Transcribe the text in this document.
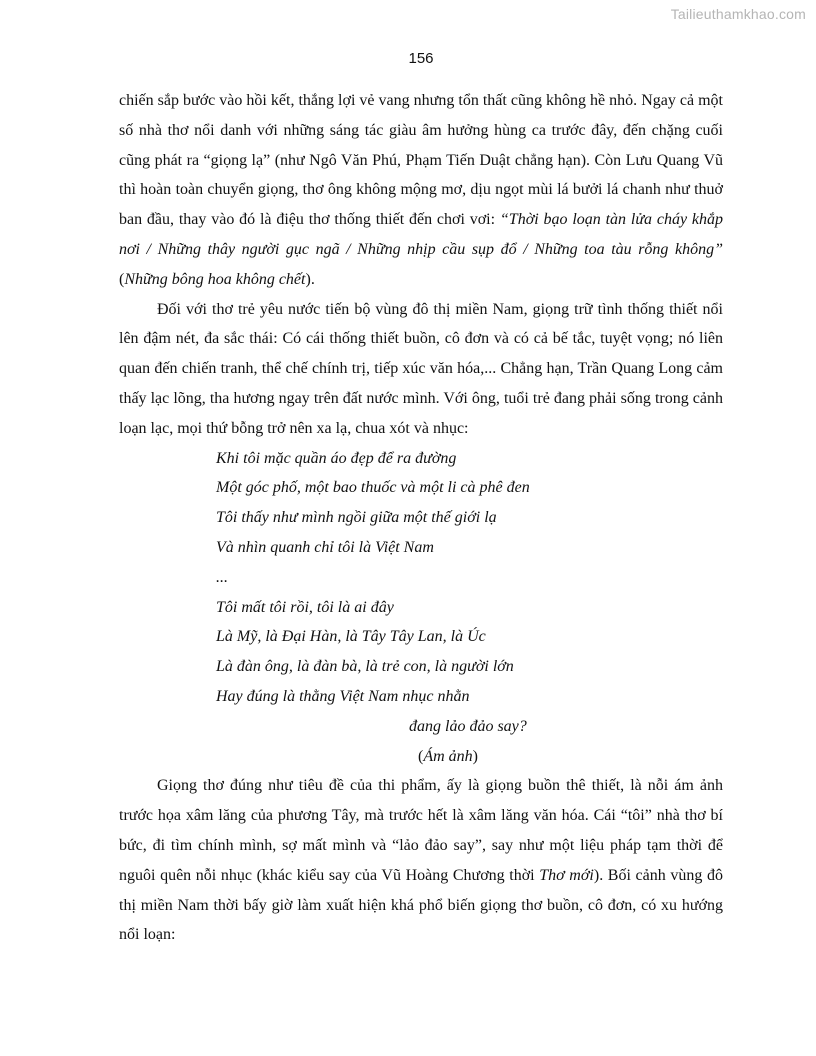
Tailieuthamkhao.com
156

chiến sắp bước vào hồi kết, thắng lợi vẻ vang nhưng tổn thất cũng không hề nhỏ. Ngay cả một số nhà thơ nổi danh với những sáng tác giàu âm hưởng hùng ca trước đây, đến chặng cuối cũng phát ra “giọng lạ” (như Ngô Văn Phú, Phạm Tiến Duật chẳng hạn). Còn Lưu Quang Vũ thì hoàn toàn chuyển giọng, thơ ông không mộng mơ, dịu ngọt mùi lá bưởi lá chanh như thuở ban đầu, thay vào đó là điệu thơ thống thiết đến chơi vơi: “Thời bạo loạn tàn lửa cháy khắp nơi / Những thây người gục ngã / Những nhịp cầu sụp đổ / Những toa tàu rỗng không” (Những bông hoa không chết).

Đối với thơ trẻ yêu nước tiến bộ vùng đô thị miền Nam, giọng trữ tình thống thiết nổi lên đậm nét, đa sắc thái: Có cái thống thiết buồn, cô đơn và có cả bế tắc, tuyệt vọng; nó liên quan đến chiến tranh, thể chế chính trị, tiếp xúc văn hóa,... Chẳng hạn, Trần Quang Long cảm thấy lạc lõng, tha hương ngay trên đất nước mình. Với ông, tuổi trẻ đang phải sống trong cảnh loạn lạc, mọi thứ bỗng trở nên xa lạ, chua xót và nhục:

Khi tôi mặc quần áo đẹp để ra đường
Một góc phố, một bao thuốc và một li cà phê đen
Tôi thấy như mình ngồi giữa một thế giới lạ
Và nhìn quanh chỉ tôi là Việt Nam
...
Tôi mất tôi rồi, tôi là ai đây
Là Mỹ, là Đại Hàn, là Tây Tây Lan, là Úc
Là đàn ông, là đàn bà, là trẻ con, là người lớn
Hay đúng là thằng Việt Nam nhục nhằn
đang lảo đảo say?
(Ám ảnh)

Giọng thơ đúng như tiêu đề của thi phẩm, ấy là giọng buồn thê thiết, là nỗi ám ảnh trước họa xâm lăng của phương Tây, mà trước hết là xâm lăng văn hóa. Cái “tôi” nhà thơ bí bức, đi tìm chính mình, sợ mất mình và “lảo đảo say”, say như một liệu pháp tạm thời để nguôi quên nỗi nhục (khác kiểu say của Vũ Hoàng Chương thời Thơ mới). Bối cảnh vùng đô thị miền Nam thời bấy giờ làm xuất hiện khá phổ biến giọng thơ buồn, cô đơn, có xu hướng nổi loạn:
